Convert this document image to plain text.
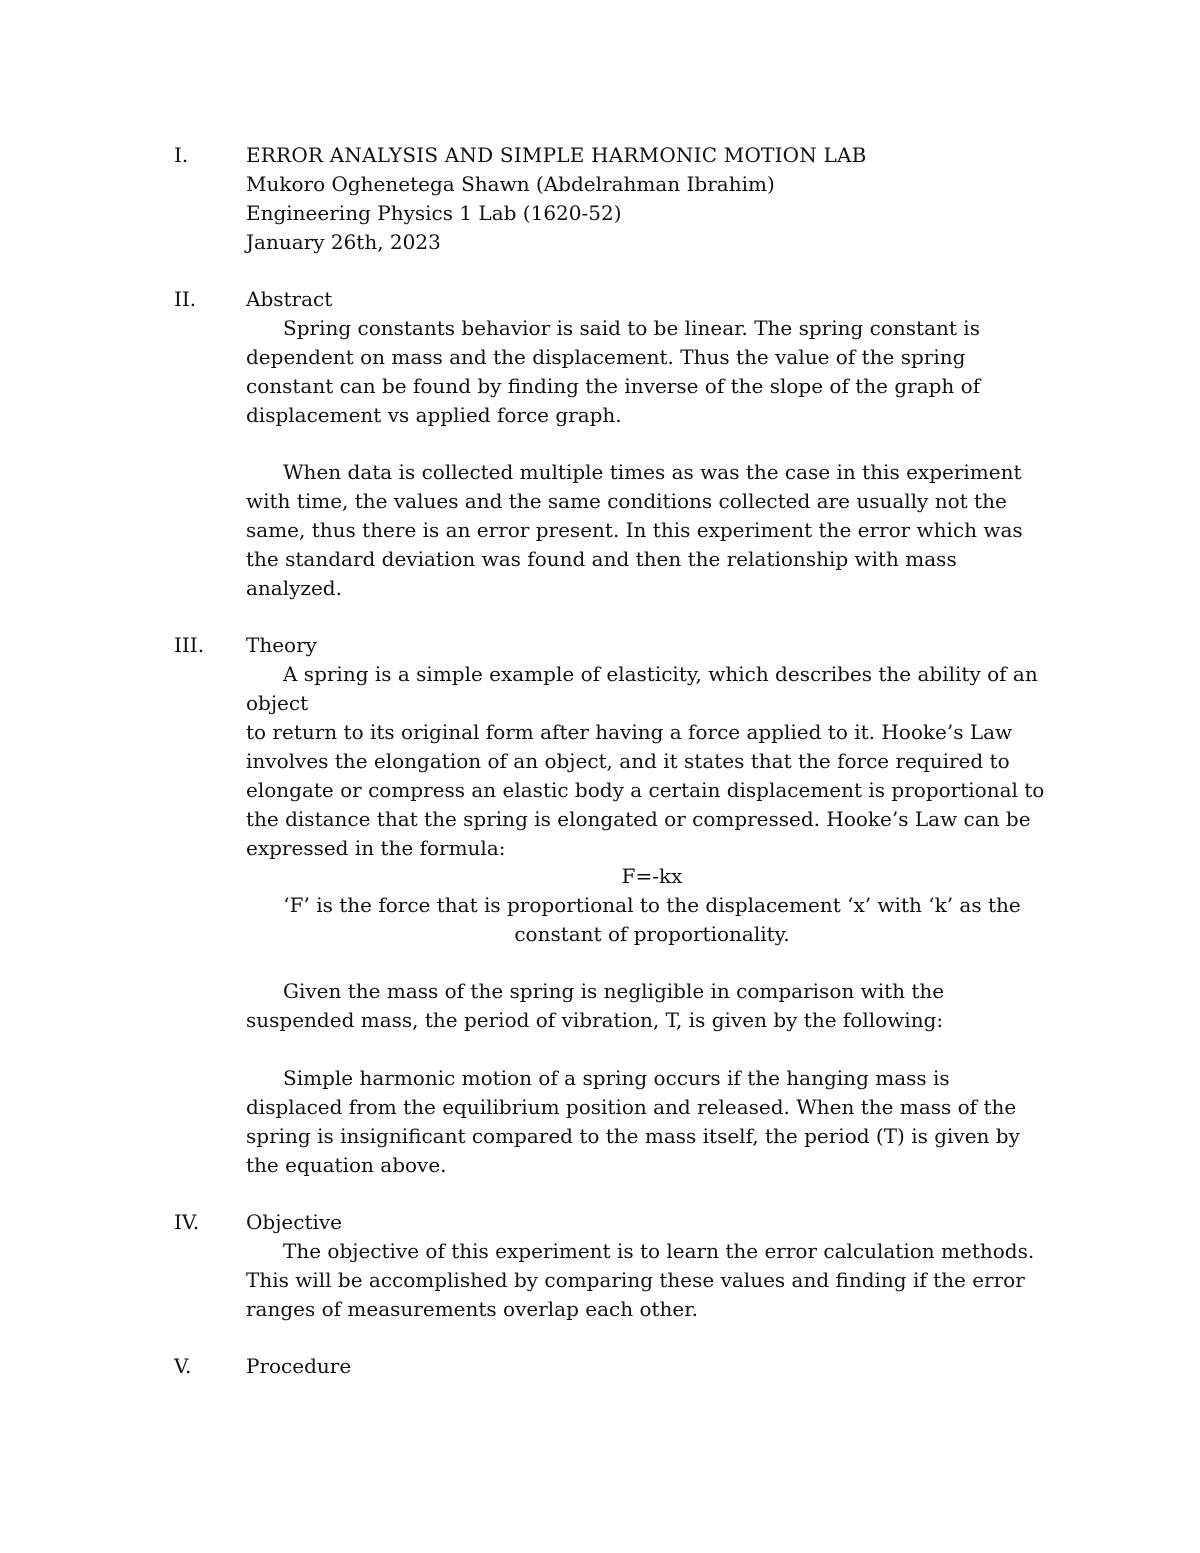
I.	ERROR ANALYSIS AND SIMPLE HARMONIC MOTION LAB
Mukoro Oghenetega Shawn (Abdelrahman Ibrahim)
Engineering Physics 1 Lab (1620-52)
January 26th, 2023
II. Abstract
Spring constants behavior is said to be linear. The spring constant is
dependent on mass and the displacement. Thus the value of the spring
constant can be found by finding the inverse of the slope of the graph of
displacement vs applied force graph.
When data is collected multiple times as was the case in this experiment
with time, the values and the same conditions collected are usually not the
same, thus there is an error present. In this experiment the error which was
the standard deviation was found and then the relationship with mass
analyzed.
III. Theory
A spring is a simple example of elasticity, which describes the ability of an
object
to return to its original form after having a force applied to it. Hooke’s Law
involves the elongation of an object, and it states that the force required to
elongate or compress an elastic body a certain displacement is proportional to
the distance that the spring is elongated or compressed. Hooke’s Law can be
expressed in the formula:
F=-kx
‘F’ is the force that is proportional to the displacement ‘x’ with ‘k’ as the
constant of proportionality.
Given the mass of the spring is negligible in comparison with the
suspended mass, the period of vibration, T, is given by the following:
Simple harmonic motion of a spring occurs if the hanging mass is
displaced from the equilibrium position and released. When the mass of the
spring is insignificant compared to the mass itself, the period (T) is given by
the equation above.
IV. Objective
The objective of this experiment is to learn the error calculation methods.
This will be accomplished by comparing these values and finding if the error
ranges of measurements overlap each other.
V.	Procedure
